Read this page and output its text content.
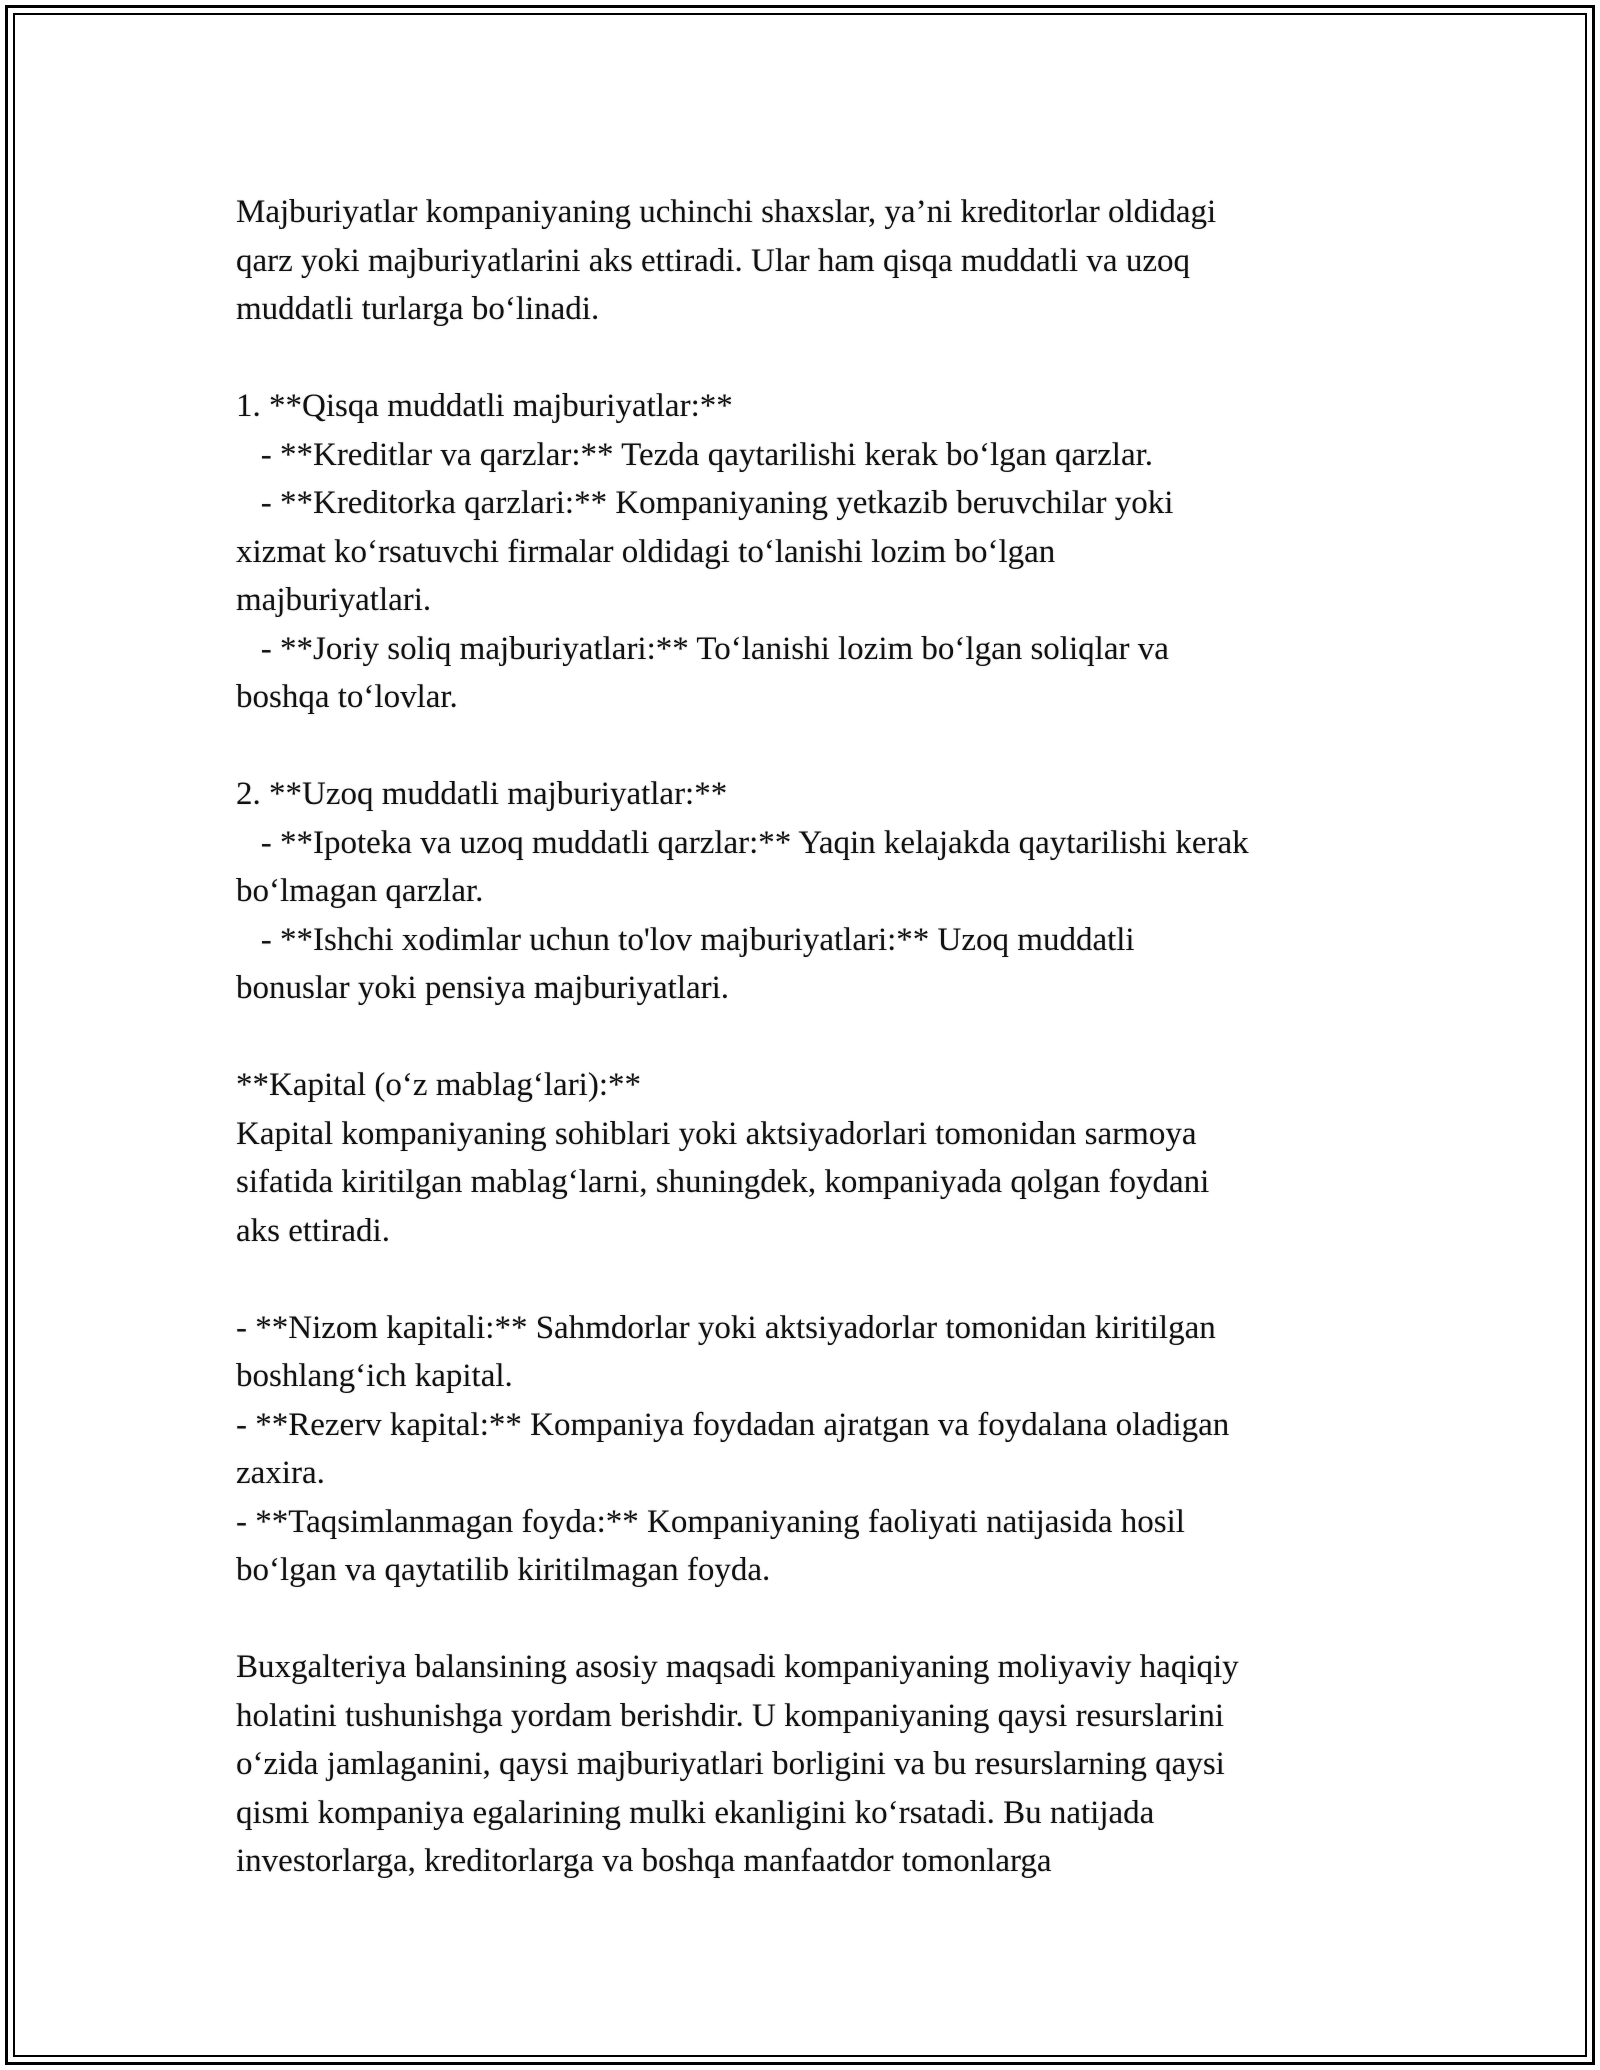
Majburiyatlar kompaniyaning uchinchi shaxslar, ya’ni kreditorlar oldidagi
qarz yoki majburiyatlarini aks ettiradi. Ular ham qisqa muddatli va uzoq
muddatli turlarga bo‘linadi.
1. **Qisqa muddatli majburiyatlar:**
- **Kreditlar va qarzlar:** Tezda qaytarilishi kerak bo‘lgan qarzlar.
- **Kreditorka qarzlari:** Kompaniyaning yetkazib beruvchilar yoki
xizmat ko‘rsatuvchi firmalar oldidagi to‘lanishi lozim bo‘lgan
majburiyatlari.
- **Joriy soliq majburiyatlari:** To‘lanishi lozim bo‘lgan soliqlar va
boshqa to‘lovlar.
2. **Uzoq muddatli majburiyatlar:**
- **Ipoteka va uzoq muddatli qarzlar:** Yaqin kelajakda qaytarilishi kerak
bo‘lmagan qarzlar.
- **Ishchi xodimlar uchun to'lov majburiyatlari:** Uzoq muddatli
bonuslar yoki pensiya majburiyatlari.
**Kapital (o‘z mablag‘lari):**
Kapital kompaniyaning sohiblari yoki aktsiyadorlari tomonidan sarmoya
sifatida kiritilgan mablag‘larni, shuningdek, kompaniyada qolgan foydani
aks ettiradi.
- **Nizom kapitali:** Sahmdorlar yoki aktsiyadorlar tomonidan kiritilgan
boshlang‘ich kapital.
- **Rezerv kapital:** Kompaniya foydadan ajratgan va foydalana oladigan
zaxira.
- **Taqsimlanmagan foyda:** Kompaniyaning faoliyati natijasida hosil
bo‘lgan va qaytatilib kiritilmagan foyda.
Buxgalteriya balansining asosiy maqsadi kompaniyaning moliyaviy haqiqiy
holatini tushunishga yordam berishdir. U kompaniyaning qaysi resurslarini
o‘zida jamlaganini, qaysi majburiyatlari borligini va bu resurslarning qaysi
qismi kompaniya egalarining mulki ekanligini ko‘rsatadi. Bu natijada
investorlarga, kreditorlarga va boshqa manfaatdor tomonlarga
